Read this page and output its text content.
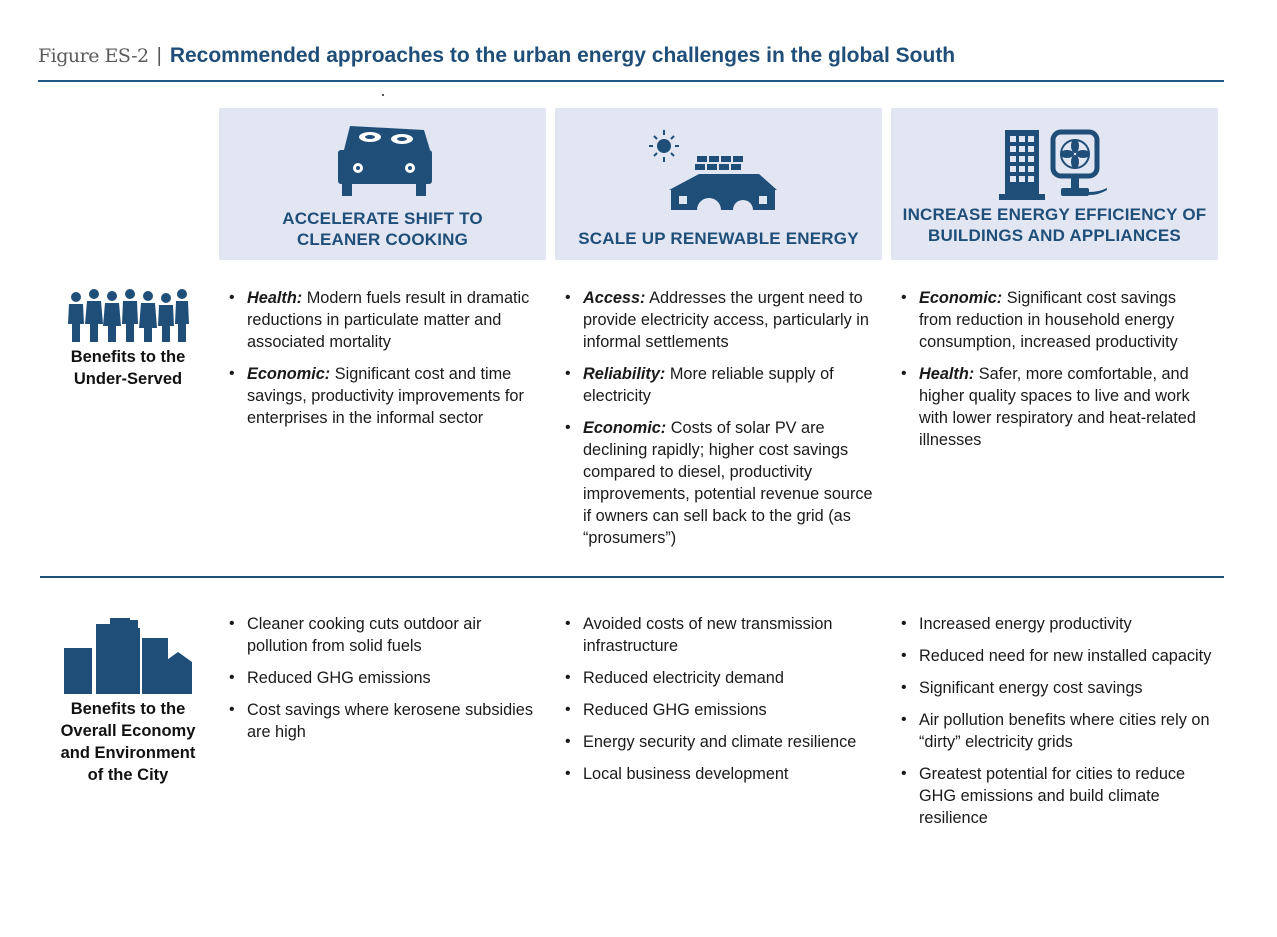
Figure ES-2 | Recommended approaches to the urban energy challenges in the global South
ACCELERATE SHIFT TO
CLEANER COOKING	SCALE UP RENEWABLE ENERGY
INCREASE ENERGY EFFICIENCY OF
BUILDINGS AND APPLIANCES
Benefits to the
Under-Served
• Health: Modern fuels result in dramatic reductions in particulate matter and associated mortality
• Economic: Significant cost and time savings, productivity improvements for enterprises in the informal sector
• Access: Addresses the urgent need to provide electricity access, particularly in informal settlements
• Reliability: More reliable supply of electricity
• Economic: Costs of solar PV are declining rapidly; higher cost savings compared to diesel, productivity improvements, potential revenue source if owners can sell back to the grid (as “prosumers”)
• Economic: Significant cost savings from reduction in household energy consumption, increased productivity
• Health: Safer, more comfortable, and higher quality spaces to live and work with lower respiratory and heat-related illnesses
Benefits to the
Overall Economy
and Environment
of the City
• Cleaner cooking cuts outdoor air pollution from solid fuels
• Reduced GHG emissions
• Cost savings where kerosene subsidies are high
• Avoided costs of new transmission infrastructure
• Reduced electricity demand
• Reduced GHG emissions
• Energy security and climate resilience
• Local business development
• Increased energy productivity
• Reduced need for new installed capacity
• Significant energy cost savings
• Air pollution benefits where cities rely on “dirty” electricity grids
• Greatest potential for cities to reduce GHG emissions and build climate resilience
